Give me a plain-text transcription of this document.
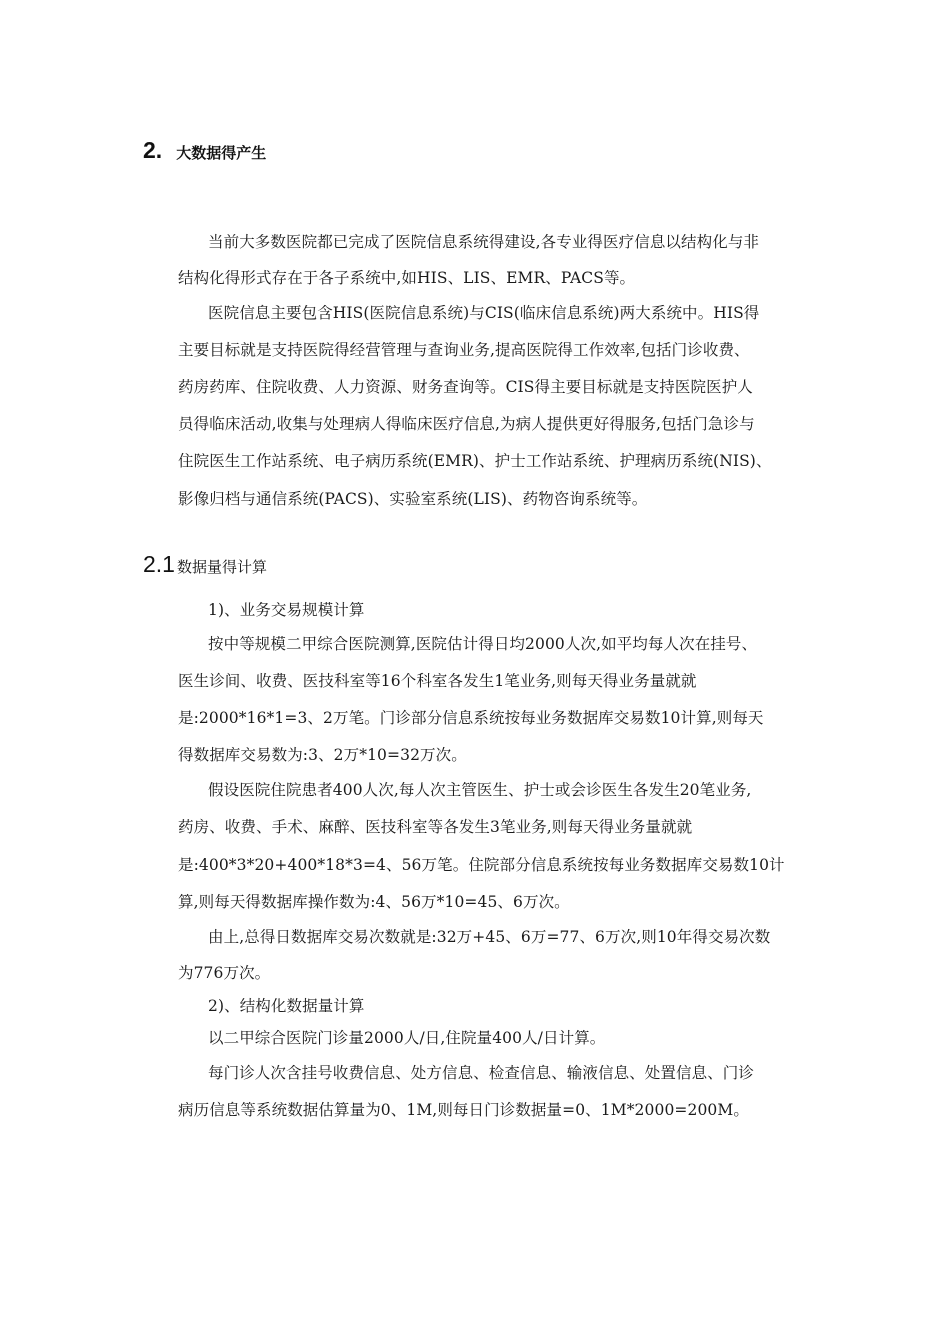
2. 大数据得产生
当前大多数医院都已完成了医院信息系统得建设,各专业得医疗信息以结构化与非
结构化得形式存在于各子系统中,如HIS、LIS、EMR、PACS等。
医院信息主要包含HIS(医院信息系统)与CIS(临床信息系统)两大系统中。HIS得
主要目标就是支持医院得经营管理与查询业务,提高医院得工作效率,包括门诊收费、
药房药库、住院收费、人力资源、财务查询等。CIS得主要目标就是支持医院医护人
员得临床活动,收集与处理病人得临床医疗信息,为病人提供更好得服务,包括门急诊与
住院医生工作站系统、电子病历系统(EMR)、护士工作站系统、护理病历系统(NIS)、
影像归档与通信系统(PACS)、实验室系统(LIS)、药物咨询系统等。
2.1 数据量得计算
1)、业务交易规模计算
按中等规模二甲综合医院测算,医院估计得日均2000人次,如平均每人次在挂号、
医生诊间、收费、医技科室等16个科室各发生1笔业务,则每天得业务量就就
是:2000*16*1=3、2万笔。门诊部分信息系统按每业务数据库交易数10计算,则每天
得数据库交易数为:3、2万*10=32万次。
假设医院住院患者400人次,每人次主管医生、护士或会诊医生各发生20笔业务,
药房、收费、手术、麻醉、医技科室等各发生3笔业务,则每天得业务量就就
是:400*3*20+400*18*3=4、56万笔。住院部分信息系统按每业务数据库交易数10计
算,则每天得数据库操作数为:4、56万*10=45、6万次。
由上,总得日数据库交易次数就是:32万+45、6万=77、6万次,则10年得交易次数
为776万次。
2)、结构化数据量计算
以二甲综合医院门诊量2000人/日,住院量400人/日计算。
每门诊人次含挂号收费信息、处方信息、检查信息、输液信息、处置信息、门诊
病历信息等系统数据估算量为0、1M,则每日门诊数据量=0、1M*2000=200M。
